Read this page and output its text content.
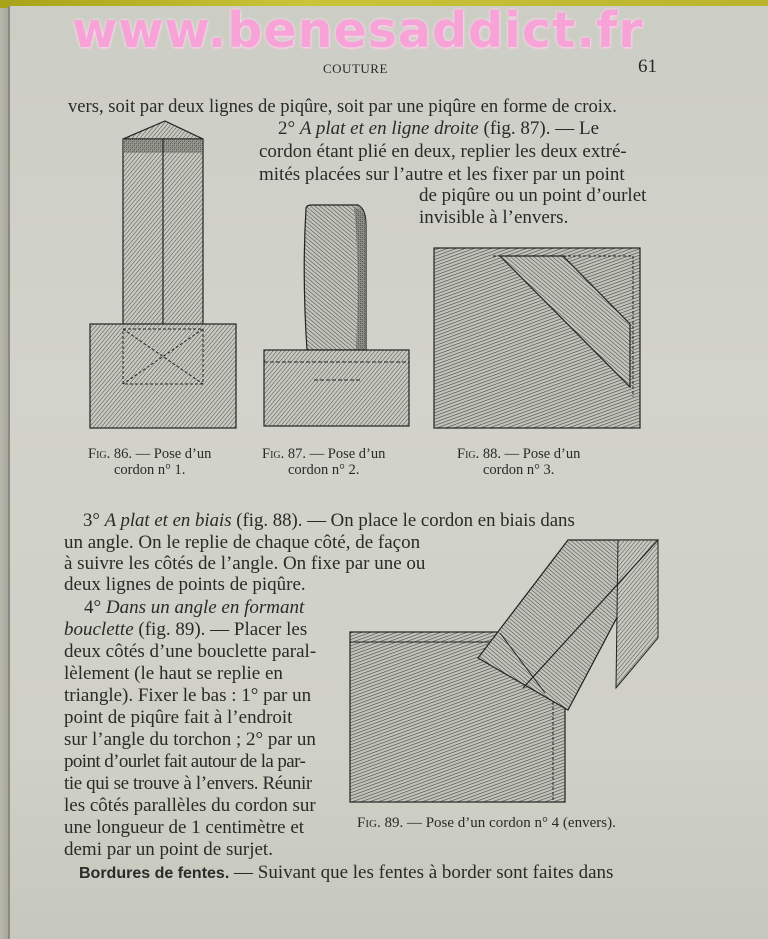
www.benesaddict.fr
COUTURE	61
vers, soit par deux lignes de piqûre, soit par une piqûre en forme de croix.
2° A plat et en ligne droite (fig. 87). — Le
cordon étant plié en deux, replier les deux extré-
mités placées sur l’autre et les fixer par un point
de piqûre ou un point d’ourlet
invisible à l’envers.
Fig. 86. — Pose d’un
cordon n° 1.
Fig. 87. — Pose d’un
cordon n° 2.
Fig. 88. — Pose d’un
cordon n° 3.
3° A plat et en biais (fig. 88). — On place le cordon en biais dans
un angle. On le replie de chaque côté, de façon
à suivre les côtés de l’angle. On fixe par une ou
deux lignes de points de piqûre.
4° Dans un angle en formant
bouclette (fig. 89). — Placer les
deux côtés d’une bouclette paral-
lèlement (le haut se replie en
triangle). Fixer le bas : 1° par un
point de piqûre fait à l’endroit
sur l’angle du torchon ; 2° par un
point d’ourlet fait autour de la par-
tie qui se trouve à l’envers. Réunir
les côtés parallèles du cordon sur
une longueur de 1 centimètre et
demi par un point de surjet.
Fig. 89. — Pose d’un cordon n° 4 (envers).
Bordures de fentes. — Suivant que les fentes à border sont faites dans
